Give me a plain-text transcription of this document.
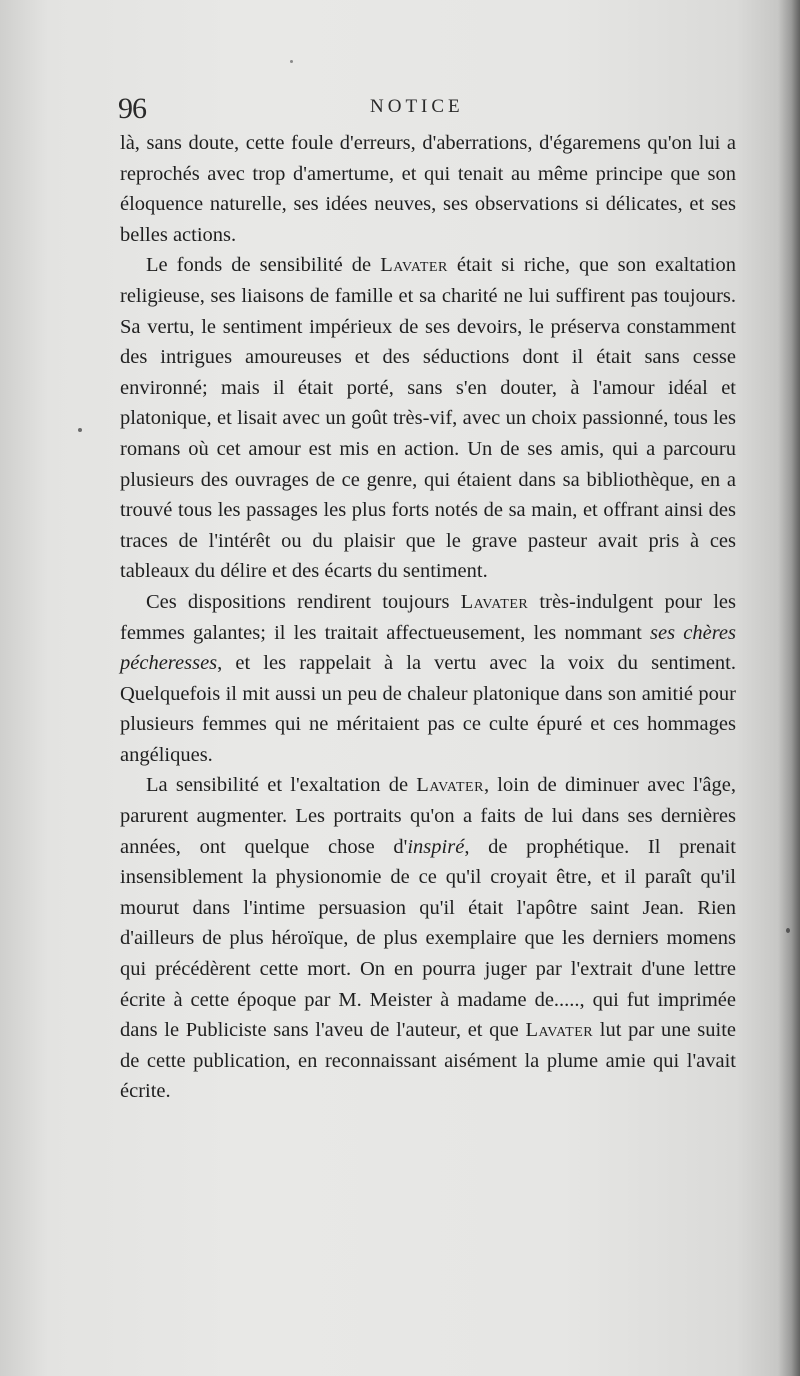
96	NOTICE

là, sans doute, cette foule d'erreurs, d'aberrations, d'égaremens qu'on lui a reprochés avec trop d'amertume, et qui tenait au même principe que son éloquence naturelle, ses idées neuves, ses observations si délicates, et ses belles actions.

Le fonds de sensibilité de Lavater était si riche, que son exaltation religieuse, ses liaisons de famille et sa charité ne lui suffirent pas toujours. Sa vertu, le sentiment impérieux de ses devoirs, le préserva constamment des intrigues amoureuses et des séductions dont il était sans cesse environné; mais il était porté, sans s'en douter, à l'amour idéal et platonique, et lisait avec un goût très-vif, avec un choix passionné, tous les romans où cet amour est mis en action. Un de ses amis, qui a parcouru plusieurs des ouvrages de ce genre, qui étaient dans sa bibliothèque, en a trouvé tous les passages les plus forts notés de sa main, et offrant ainsi des traces de l'intérêt ou du plaisir que le grave pasteur avait pris à ces tableaux du délire et des écarts du sentiment.

Ces dispositions rendirent toujours Lavater très-indulgent pour les femmes galantes; il les traitait affectueusement, les nommant ses chères pécheresses, et les rappelait à la vertu avec la voix du sentiment. Quelquefois il mit aussi un peu de chaleur platonique dans son amitié pour plusieurs femmes qui ne méritaient pas ce culte épuré et ces hommages angéliques.

La sensibilité et l'exaltation de Lavater, loin de diminuer avec l'âge, parurent augmenter. Les portraits qu'on a faits de lui dans ses dernières années, ont quelque chose d'inspiré, de prophétique. Il prenait insensiblement la physionomie de ce qu'il croyait être, et il paraît qu'il mourut dans l'intime persuasion qu'il était l'apôtre saint Jean. Rien d'ailleurs de plus héroïque, de plus exemplaire que les derniers momens qui précédèrent cette mort. On en pourra juger par l'extrait d'une lettre écrite à cette époque par M. Meister à madame de....., qui fut imprimée dans le Publiciste sans l'aveu de l'auteur, et que Lavater lut par une suite de cette publication, en reconnaissant aisément la plume amie qui l'avait écrite.
